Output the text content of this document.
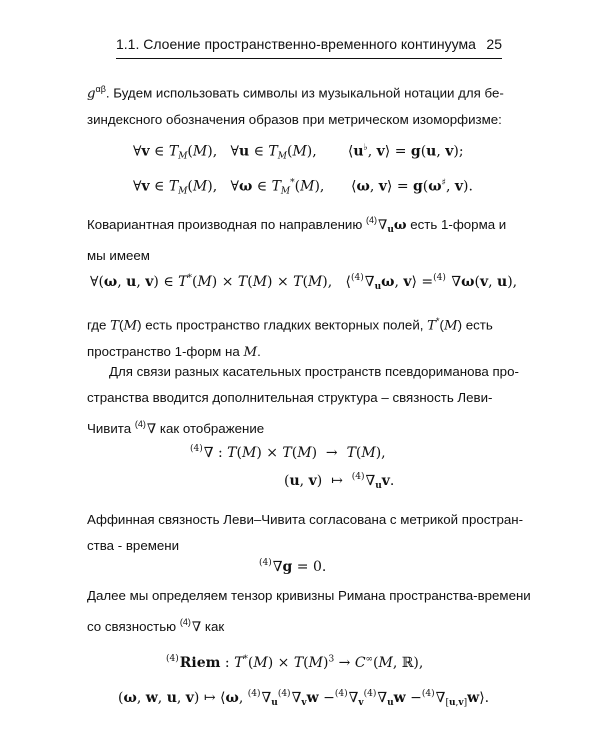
1.1. Слоение пространственно-временного континуума 25
$g^{\alpha\beta}$. Будем использовать символы из музыкальной нотации для бе-
зиндексного обозначения образов при метрическом изоморфизме:
∀v ∈ $T_M(M)$,   ∀u ∈ $T_M(M)$,       ⟨u♭, v⟩ = g(u, v);
∀v ∈ $T_M(M)$,   ∀ω ∈ $T_M^*(M)$,      ⟨ω, v⟩ = g(ω♯, v).
Ковариантная производная по направлению $^{(4)}\nabla_u\omega$ есть 1-форма и
мы имеем
∀(ω, u, v) ∈ T*(M) × T(M) × T(M),   $⟨^{(4)}\nabla_u\omega$, v⟩ =$^{(4)}$ ∇ω(v, u),
где T(M) есть пространство гладких векторных полей, T*(M) есть
пространство 1-форм на M.
Для связи разных касательных пространств псевдориманова про-
странства вводится дополнительная структура – связность Леви-
Чивита $^{(4)}$∇ как отображение
$^{(4)}$∇ : T(M) × T(M)  →  T(M),
(u, v)  ↦  $^{(4)}\nabla_uv$.
Аффинная связность Леви–Чивита согласована с метрикой простран-
ства - времени
$^{(4)}$∇g = 0.
Далее мы определяем тензор кривизны Римана пространства-времени
со связностью $^{(4)}$∇ как
$^{(4)}$Riem : $T^*(M) \times T(M)^3 \to C^\infty(M$, ℝ),
(ω, w, u, v) ↦ ⟨ω, $^{(4)}\nabla_u^{(4)}\nabla_vw -^{(4)}\nabla_v^{(4)}\nabla_uw$ $-^{(4)}\nabla_{[u,v]}w⟩$.
